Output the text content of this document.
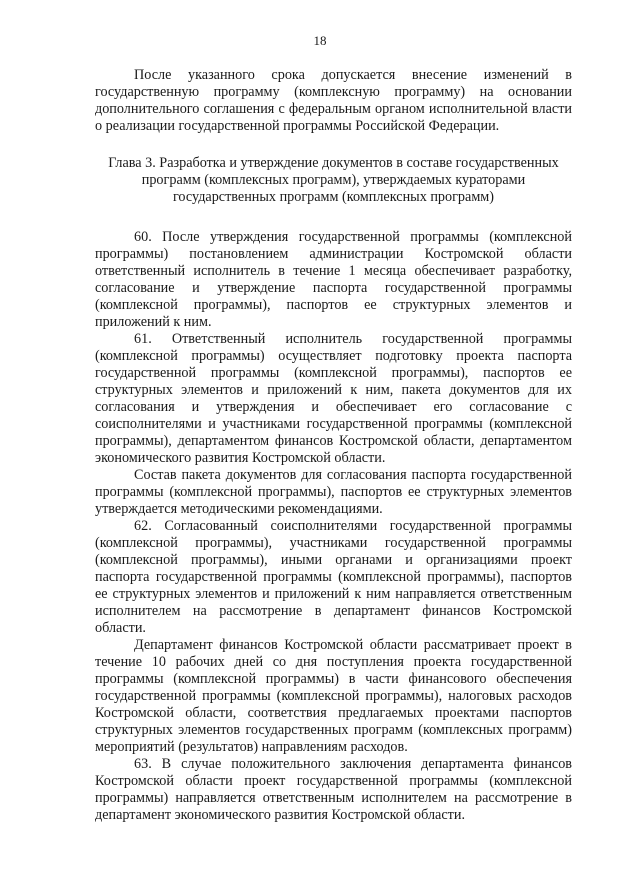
18

После указанного срока допускается внесение изменений в государственную программу (комплексную программу) на основании дополнительного соглашения с федеральным органом исполнительной власти о реализации государственной программы Российской Федерации.

Глава 3. Разработка и утверждение документов в составе государственных
программ (комплексных программ), утверждаемых кураторами
государственных программ (комплексных программ)

60. После утверждения государственной программы (комплексной программы) постановлением администрации Костромской области ответственный исполнитель в течение 1 месяца обеспечивает разработку, согласование и утверждение паспорта государственной программы (комплексной программы), паспортов ее структурных элементов и приложений к ним.

61. Ответственный исполнитель государственной программы (комплексной программы) осуществляет подготовку проекта паспорта государственной программы (комплексной программы), паспортов ее структурных элементов и приложений к ним, пакета документов для их согласования и утверждения и обеспечивает его согласование с соисполнителями и участниками государственной программы (комплексной программы), департаментом финансов Костромской области, департаментом экономического развития Костромской области.

Состав пакета документов для согласования паспорта государственной программы (комплексной программы), паспортов ее структурных элементов утверждается методическими рекомендациями.

62. Согласованный соисполнителями государственной программы (комплексной программы), участниками государственной программы (комплексной программы), иными органами и организациями проект паспорта государственной программы (комплексной программы), паспортов ее структурных элементов и приложений к ним направляется ответственным исполнителем на рассмотрение в департамент финансов Костромской области.

Департамент финансов Костромской области рассматривает проект в течение 10 рабочих дней со дня поступления проекта государственной программы (комплексной программы) в части финансового обеспечения государственной программы (комплексной программы), налоговых расходов Костромской области, соответствия предлагаемых проектами паспортов структурных элементов государственных программ (комплексных программ) мероприятий (результатов) направлениям расходов.

63. В случае положительного заключения департамента финансов Костромской области проект государственной программы (комплексной программы) направляется ответственным исполнителем на рассмотрение в департамент экономического развития Костромской области.
